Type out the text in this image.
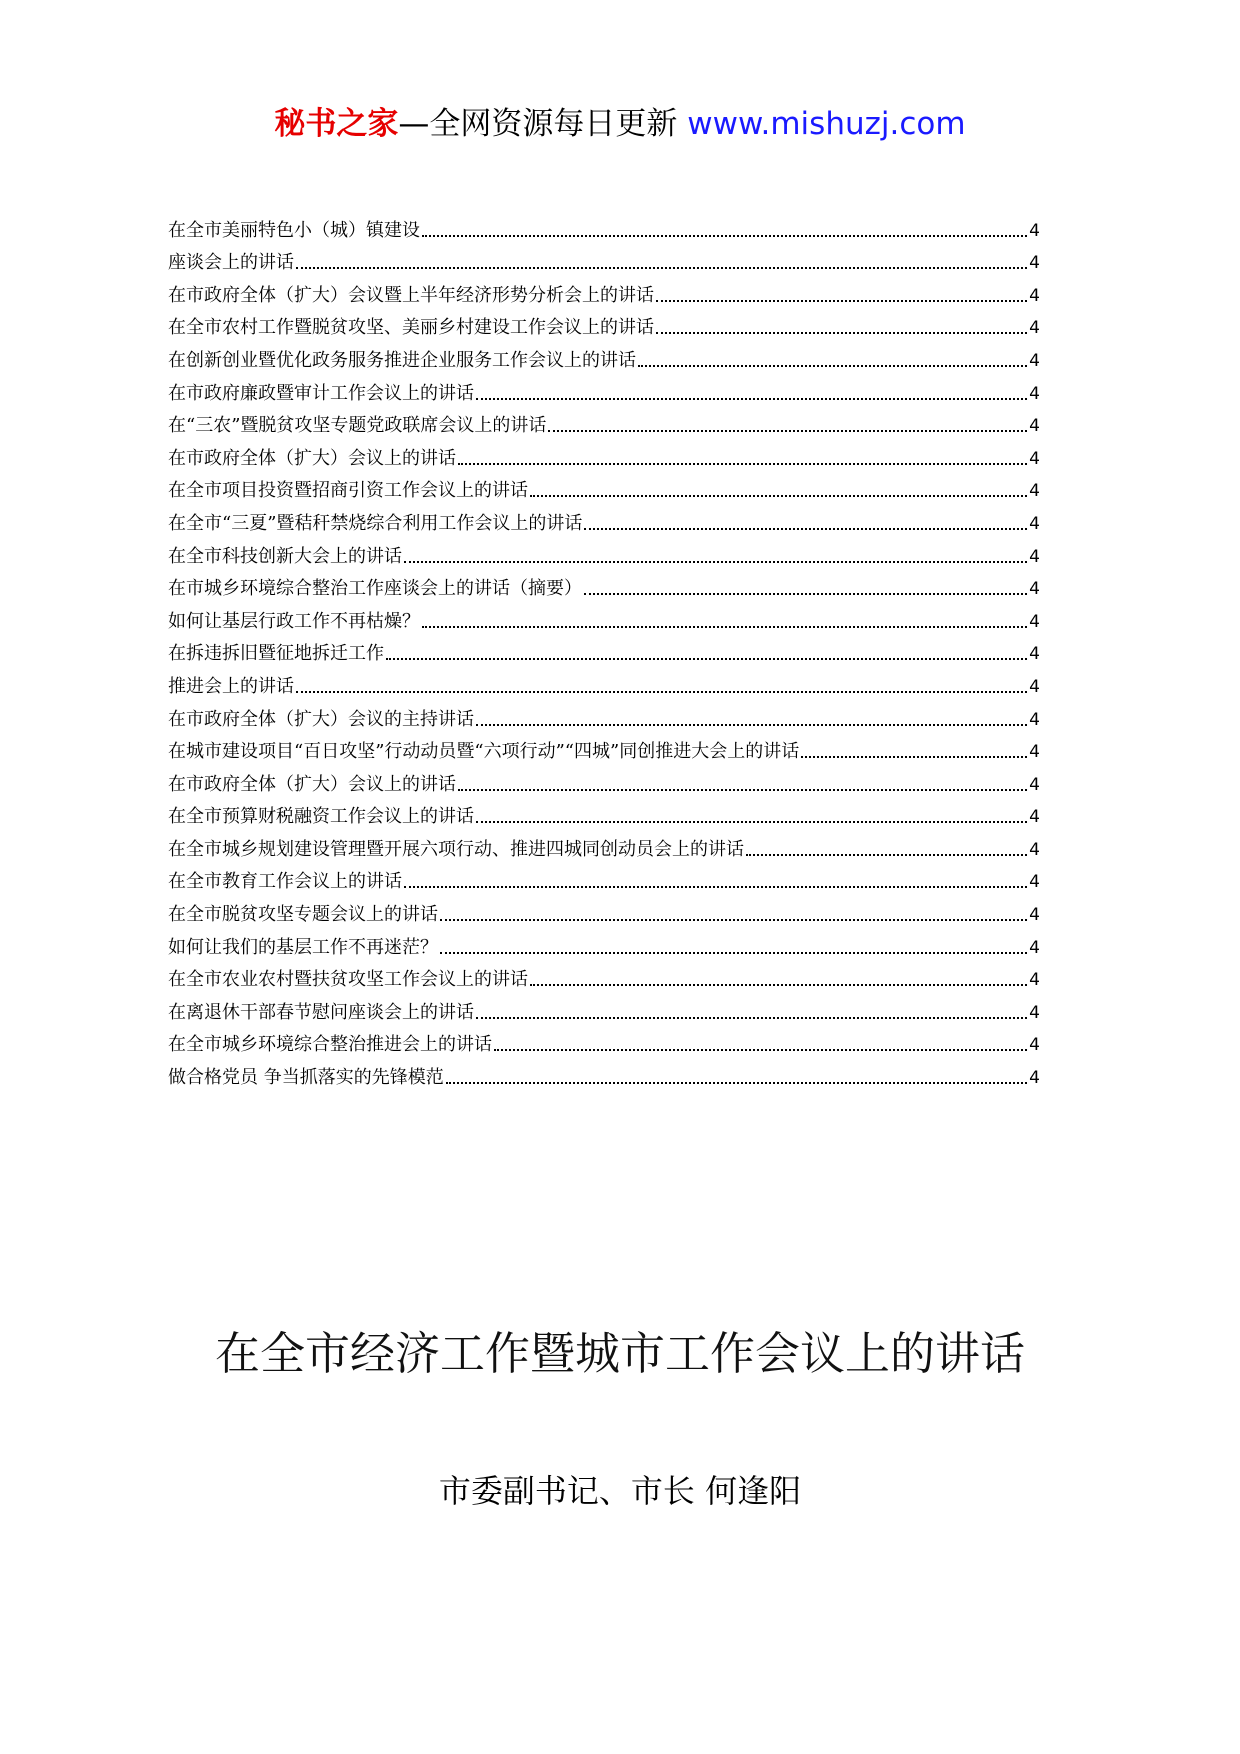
秘书之家—全网资源每日更新 www.mishuzj.com
在全市美丽特色小（城）镇建设	4
座谈会上的讲话	4
在市政府全体（扩大）会议暨上半年经济形势分析会上的讲话	4
在全市农村工作暨脱贫攻坚、美丽乡村建设工作会议上的讲话	4
在创新创业暨优化政务服务推进企业服务工作会议上的讲话	4
在市政府廉政暨审计工作会议上的讲话	4
在“三农”暨脱贫攻坚专题党政联席会议上的讲话	4
在市政府全体（扩大）会议上的讲话	4
在全市项目投资暨招商引资工作会议上的讲话	4
在全市“三夏”暨秸秆禁烧综合利用工作会议上的讲话	4
在全市科技创新大会上的讲话	4
在市城乡环境综合整治工作座谈会上的讲话（摘要）	4
如何让基层行政工作不再枯燥？	4
在拆违拆旧暨征地拆迁工作	4
推进会上的讲话	4
在市政府全体（扩大）会议的主持讲话	4
在城市建设项目“百日攻坚”行动动员暨“六项行动”“四城”同创推进大会上的讲话	4
在市政府全体（扩大）会议上的讲话	4
在全市预算财税融资工作会议上的讲话	4
在全市城乡规划建设管理暨开展六项行动、推进四城同创动员会上的讲话	4
在全市教育工作会议上的讲话	4
在全市脱贫攻坚专题会议上的讲话	4
如何让我们的基层工作不再迷茫？	4
在全市农业农村暨扶贫攻坚工作会议上的讲话	4
在离退休干部春节慰问座谈会上的讲话	4
在全市城乡环境综合整治推进会上的讲话	4
做合格党员 争当抓落实的先锋模范	4
在全市经济工作暨城市工作会议上的讲话
市委副书记、市长 何逢阳
